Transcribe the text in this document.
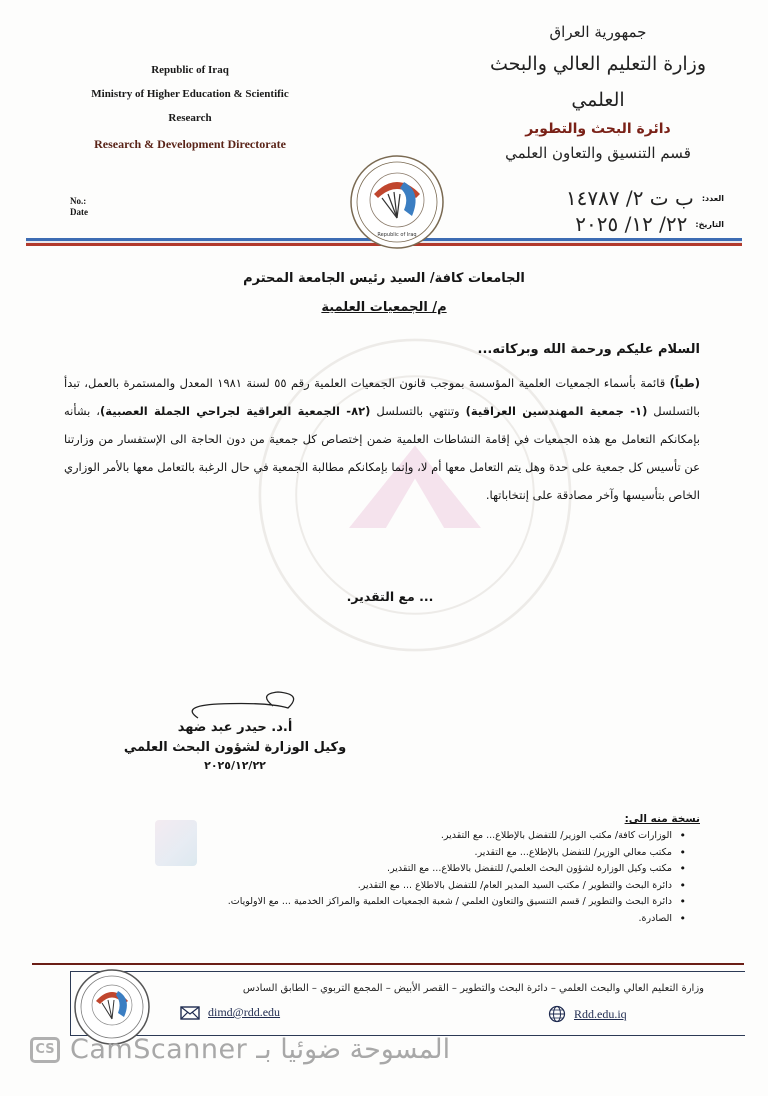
Republic of Iraq
Ministry of Higher Education & Scientific
Research
Research & Development Directorate
No.:
Date
جمهورية العراق
وزارة التعليم العالي والبحث العلمي
دائرة البحث والتطوير
قسم التنسيق والتعاون العلمي
العدد:
ب ت ٢/ ١٤٧٨٧
التاريخ:
٢٢/ ١٢/ ٢٠٢٥
Republic of Iraq
الجامعات كافة/ السيد رئيس الجامعة المحترم
م/ الجمعيات العلمية
السلام عليكم ورحمة الله وبركاته...
(طياً) قائمة بأسماء الجمعيات العلمية المؤسسة بموجب قانون الجمعيات العلمية رقم ٥٥ لسنة ١٩٨١ المعدل والمستمرة بالعمل، تبدأ بالتسلسل (١- جمعية المهندسين العراقية) وتنتهي بالتسلسل (٨٢- الجمعية العراقية لجراحي الجملة العصبية)، بشأنه بإمكانكم التعامل مع هذه الجمعيات في إقامة النشاطات العلمية ضمن إختصاص كل جمعية من دون الحاجة الى الإستفسار من وزارتنا عن تأسيس كل جمعية على حدة وهل يتم التعامل معها أم لا، وإنما بإمكانكم مطالبة الجمعية في حال الرغبة بالتعامل معها بالأمر الوزاري الخاص بتأسيسها وآخر مصادقة على إنتخاباتها.
... مع التقدير.
أ.د. حيدر عبد ضهد
وكيل الوزارة لشؤون البحث العلمي
٢٠٢٥/١٢/٢٢
نسخة منه الى:
• الوزارات كافة/ مكتب الوزير/ للتفضل بالإطلاع... مع التقدير.
• مكتب معالي الوزير/ للتفضل بالإطلاع... مع التقدير.
• مكتب وكيل الوزارة لشؤون البحث العلمي/ للتفضل بالاطلاع... مع التقدير.
• دائرة البحث والتطوير / مكتب السيد المدير العام/ للتفضل بالاطلاع ... مع التقدير.
• دائرة البحث والتطوير / قسم التنسيق والتعاون العلمي / شعبة الجمعيات العلمية والمراكز الخدمية ... مع الاولويات.
• الصادرة.
وزارة التعليم العالي والبحث العلمي – دائرة البحث والتطوير – القصر الأبيض – المجمع التربوي – الطابق السادس
dimd@rdd.edu	Rdd.edu.iq
CS CamScanner المسوحة ضوئيا بـ
